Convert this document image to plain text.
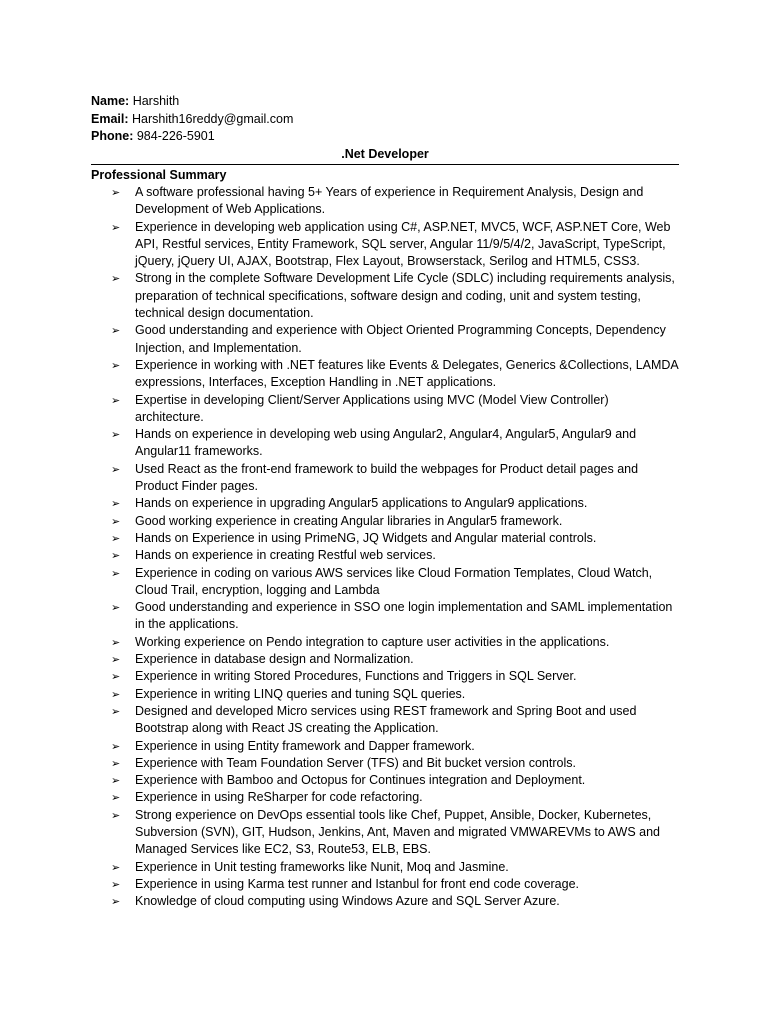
Name: Harshith
Email: Harshith16reddy@gmail.com
Phone: 984-226-5901
.Net Developer
Professional Summary
➢ A software professional having 5+ Years of experience in Requirement Analysis, Design and Development of Web Applications.
➢ Experience in developing web application using C#, ASP.NET, MVC5, WCF, ASP.NET Core, Web API, Restful services, Entity Framework, SQL server, Angular 11/9/5/4/2, JavaScript, TypeScript, jQuery, jQuery UI, AJAX, Bootstrap, Flex Layout, Browserstack, Serilog and HTML5, CSS3.
➢ Strong in the complete Software Development Life Cycle (SDLC) including requirements analysis, preparation of technical specifications, software design and coding, unit and system testing, technical design documentation.
➢ Good understanding and experience with Object Oriented Programming Concepts, Dependency Injection, and Implementation.
➢ Experience in working with .NET features like Events & Delegates, Generics &Collections, LAMDA expressions, Interfaces, Exception Handling in .NET applications.
➢ Expertise in developing Client/Server Applications using MVC (Model View Controller) architecture.
➢ Hands on experience in developing web using Angular2, Angular4, Angular5, Angular9 and Angular11 frameworks.
➢ Used React as the front-end framework to build the webpages for Product detail pages and Product Finder pages.
➢ Hands on experience in upgrading Angular5 applications to Angular9 applications.
➢ Good working experience in creating Angular libraries in Angular5 framework.
➢ Hands on Experience in using PrimeNG, JQ Widgets and Angular material controls.
➢ Hands on experience in creating Restful web services.
➢ Experience in coding on various AWS services like Cloud Formation Templates, Cloud Watch, Cloud Trail, encryption, logging and Lambda
➢ Good understanding and experience in SSO one login implementation and SAML implementation in the applications.
➢ Working experience on Pendo integration to capture user activities in the applications.
➢ Experience in database design and Normalization.
➢ Experience in writing Stored Procedures, Functions and Triggers in SQL Server.
➢ Experience in writing LINQ queries and tuning SQL queries.
➢ Designed and developed Micro services using REST framework and Spring Boot and used Bootstrap along with React JS creating the Application.
➢ Experience in using Entity framework and Dapper framework.
➢ Experience with Team Foundation Server (TFS) and Bit bucket version controls.
➢ Experience with Bamboo and Octopus for Continues integration and Deployment.
➢ Experience in using ReSharper for code refactoring.
➢ Strong experience on DevOps essential tools like Chef, Puppet, Ansible, Docker, Kubernetes, Subversion (SVN), GIT, Hudson, Jenkins, Ant, Maven and migrated VMWAREVMs to AWS and Managed Services like EC2, S3, Route53, ELB, EBS.
➢ Experience in Unit testing frameworks like Nunit, Moq and Jasmine.
➢ Experience in using Karma test runner and Istanbul for front end code coverage.
➢ Knowledge of cloud computing using Windows Azure and SQL Server Azure.
